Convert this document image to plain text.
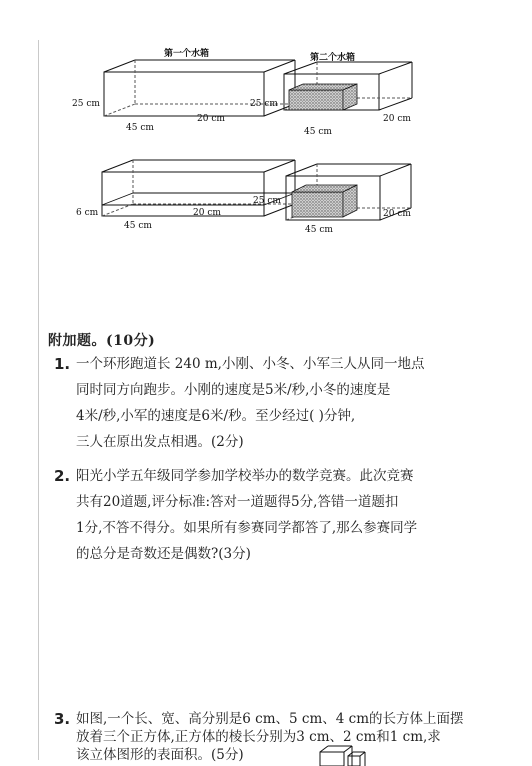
第一个水箱
25 cm
45 cm
20 cm
第二个水箱
25 cm
45 cm
20 cm
6 cm
45 cm
20 cm
25 cm
45 cm
20 cm
附加题。(10分)
1. 一个环形跑道长 240 m,小刚、小冬、小军三人从同一地点
同时同方向跑步。小刚的速度是5米/秒,小冬的速度是
4米/秒,小军的速度是6米/秒。至少经过( )分钟,
三人在原出发点相遇。(2分)
2. 阳光小学五年级同学参加学校举办的数学竞赛。此次竞赛
共有20道题,评分标准:答对一道题得5分,答错一道题扣
1分,不答不得分。如果所有参赛同学都答了,那么参赛同学
的总分是奇数还是偶数?(3分)
3. 如图,一个长、宽、高分别是6 cm、5 cm、4 cm的长方体上面摆
放着三个正方体,正方体的棱长分别为3 cm、2 cm和1 cm,求
该立体图形的表面积。(5分)
